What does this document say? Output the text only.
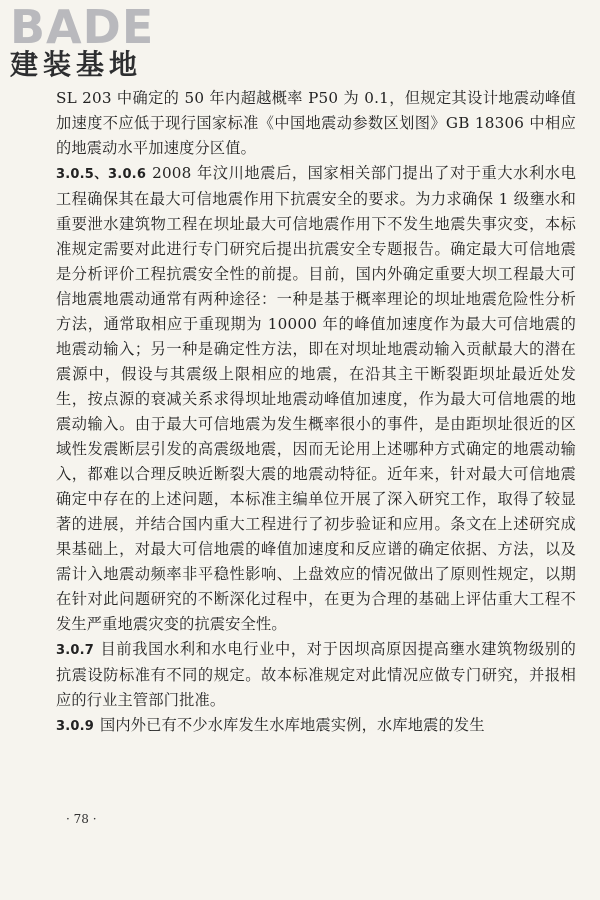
BADE
建装基地

SL 203 中确定的 50 年内超越概率 P50 为 0.1，但规定其设计地震动峰值加速度不应低于现行国家标准《中国地震动参数区划图》GB 18306 中相应的地震动水平加速度分区值。

3.0.5、3.0.6 2008 年汶川地震后，国家相关部门提出了对于重大水利水电工程确保其在最大可信地震作用下抗震安全的要求。为力求确保 1 级壅水和重要泄水建筑物工程在坝址最大可信地震作用下不发生地震失事灾变，本标准规定需要对此进行专门研究后提出抗震安全专题报告。确定最大可信地震是分析评价工程抗震安全性的前提。目前，国内外确定重要大坝工程最大可信地震地震动通常有两种途径：一种是基于概率理论的坝址地震危险性分析方法，通常取相应于重现期为 10000 年的峰值加速度作为最大可信地震的地震动输入；另一种是确定性方法，即在对坝址地震动输入贡献最大的潜在震源中，假设与其震级上限相应的地震，在沿其主干断裂距坝址最近处发生，按点源的衰减关系求得坝址地震动峰值加速度，作为最大可信地震的地震动输入。由于最大可信地震为发生概率很小的事件，是由距坝址很近的区域性发震断层引发的高震级地震，因而无论用上述哪种方式确定的地震动输入，都难以合理反映近断裂大震的地震动特征。近年来，针对最大可信地震确定中存在的上述问题，本标准主编单位开展了深入研究工作，取得了较显著的进展，并结合国内重大工程进行了初步验证和应用。条文在上述研究成果基础上，对最大可信地震的峰值加速度和反应谱的确定依据、方法，以及需计入地震动频率非平稳性影响、上盘效应的情况做出了原则性规定，以期在针对此问题研究的不断深化过程中，在更为合理的基础上评估重大工程不发生严重地震灾变的抗震安全性。

3.0.7 目前我国水利和水电行业中，对于因坝高原因提高壅水建筑物级别的抗震设防标准有不同的规定。故本标准规定对此情况应做专门研究，并报相应的行业主管部门批准。

3.0.9 国内外已有不少水库发生水库地震实例，水库地震的发生

· 78 ·
